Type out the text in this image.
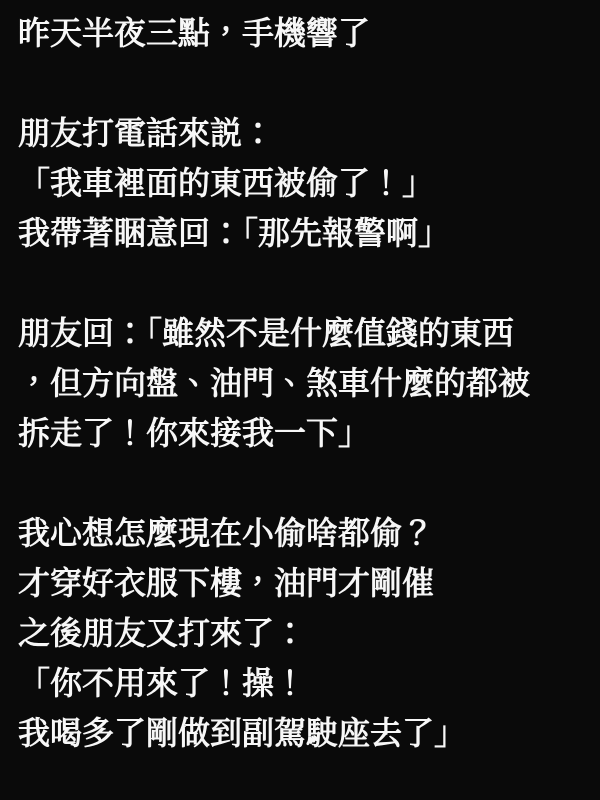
昨天半夜三點，手機響了
朋友打電話來説：
「我車裡面的東西被偷了！」
我帶著睏意回：「那先報警啊」
朋友回：「雖然不是什麼值錢的東西
，但方向盤、油門、煞車什麼的都被
拆走了！你來接我一下」
我心想怎麼現在小偷啥都偷？
才穿好衣服下樓，油門才剛催
之後朋友又打來了：
「你不用來了！操！
我喝多了剛做到副駕駛座去了」
